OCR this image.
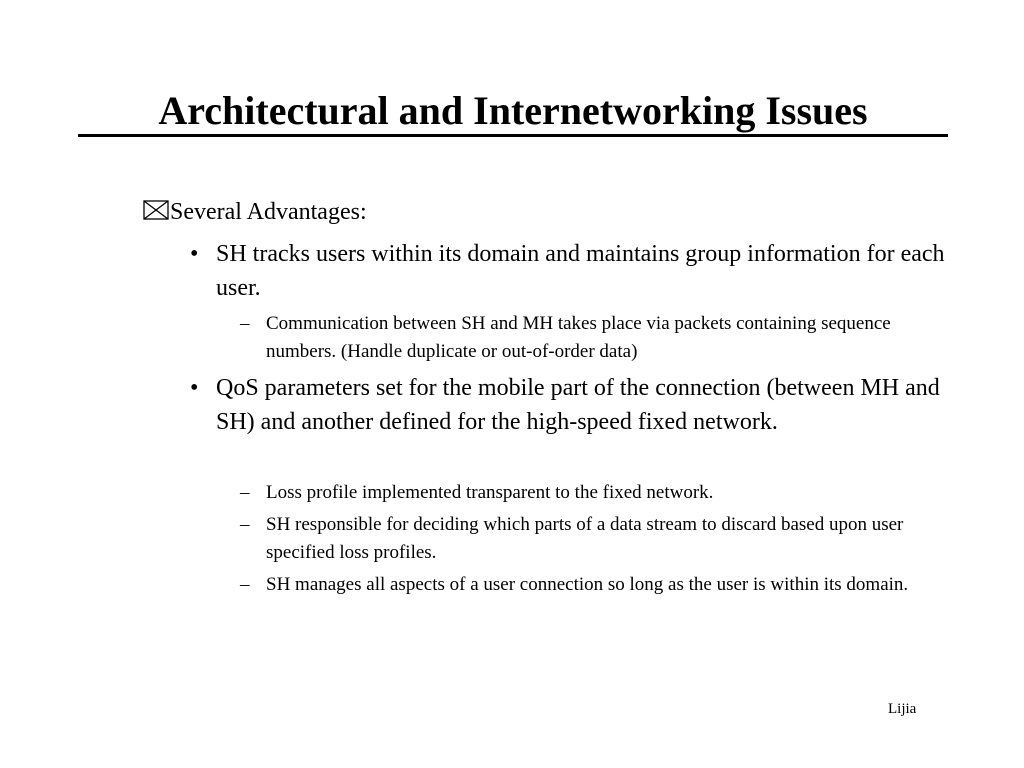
Architectural and Internetworking Issues
Several Advantages:
• SH tracks users within its domain and maintains group information for each user.
– Communication between SH and MH takes place via packets containing sequence numbers. (Handle duplicate or out-of-order data)
• QoS parameters set for the mobile part of the connection (between MH and SH) and another defined for the high-speed fixed network.
– Loss profile implemented transparent to the fixed network.
– SH responsible for deciding which parts of a data stream to discard based upon user specified loss profiles.
– SH manages all aspects of a user connection so long as the user is within its domain.
Lijia
